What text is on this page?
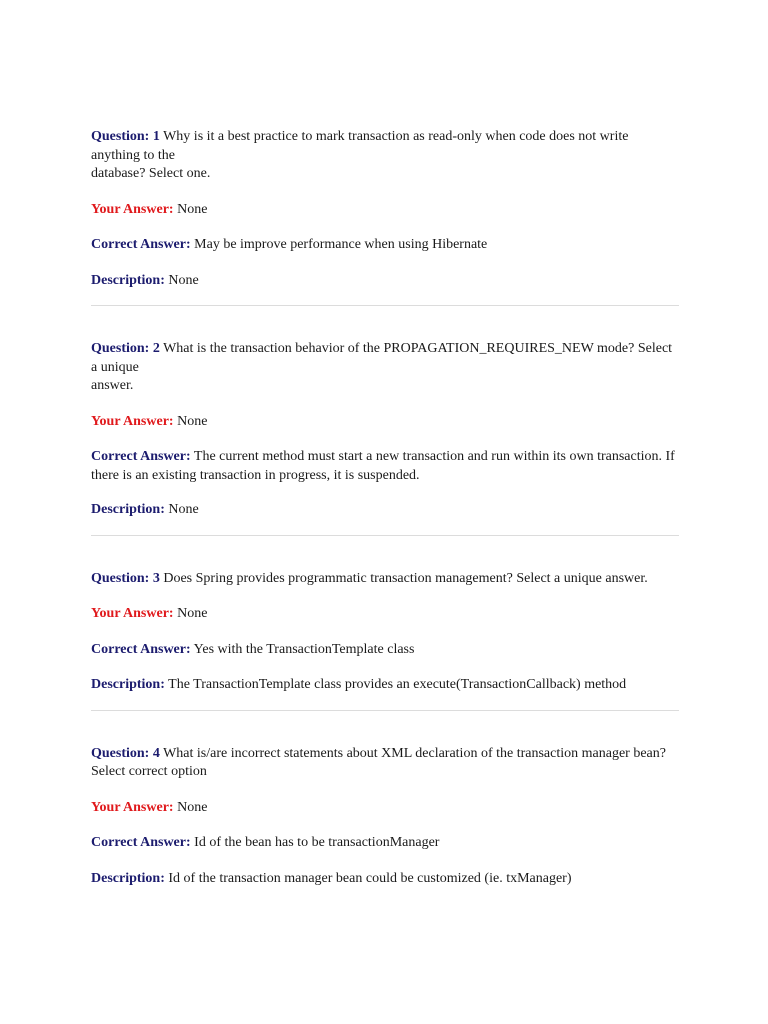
Question: 1 Why is it a best practice to mark transaction as read-only when code does not write anything to the
database? Select one.

Your Answer: None

Correct Answer: May be improve performance when using Hibernate

Description: None

Question: 2 What is the transaction behavior of the PROPAGATION_REQUIRES_NEW mode? Select a unique
answer.

Your Answer: None

Correct Answer: The current method must start a new transaction and run within its own transaction. If there is an existing transaction in progress, it is suspended.

Description: None

Question: 3 Does Spring provides programmatic transaction management? Select a unique answer.

Your Answer: None

Correct Answer: Yes with the TransactionTemplate class

Description: The TransactionTemplate class provides an execute(TransactionCallback) method

Question: 4 What is/are incorrect statements about XML declaration of the transaction manager bean? Select correct option

Your Answer: None

Correct Answer: Id of the bean has to be transactionManager

Description: Id of the transaction manager bean could be customized (ie. txManager)
